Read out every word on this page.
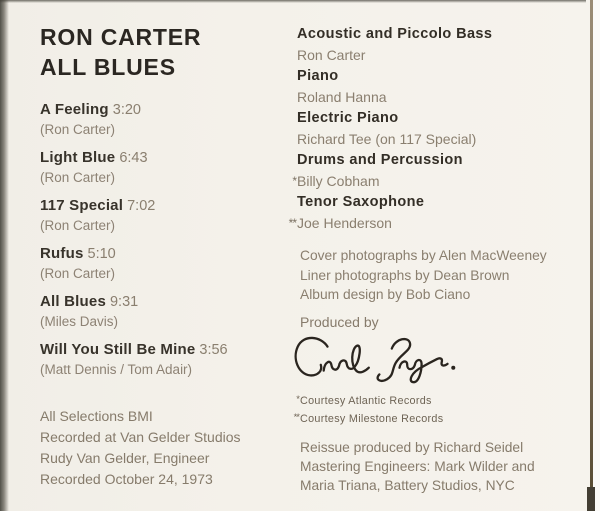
RON CARTER
ALL BLUES
A Feeling 3:20
(Ron Carter)
Light Blue 6:43
(Ron Carter)
117 Special 7:02
(Ron Carter)
Rufus 5:10
(Ron Carter)
All Blues 9:31
(Miles Davis)
Will You Still Be Mine 3:56
(Matt Dennis / Tom Adair)
All Selections BMI
Recorded at Van Gelder Studios
Rudy Van Gelder, Engineer
Recorded October 24, 1973
Acoustic and Piccolo Bass
Ron Carter
Piano
Roland Hanna
Electric Piano
Richard Tee (on 117 Special)
Drums and Percussion
* Billy Cobham
Tenor Saxophone
** Joe Henderson
Cover photographs by Alen MacWeeney
Liner photographs by Dean Brown
Album design by Bob Ciano
Produced by
* Courtesy Atlantic Records
** Courtesy Milestone Records
Reissue produced by Richard Seidel
Mastering Engineers: Mark Wilder and
Maria Triana, Battery Studios, NYC
